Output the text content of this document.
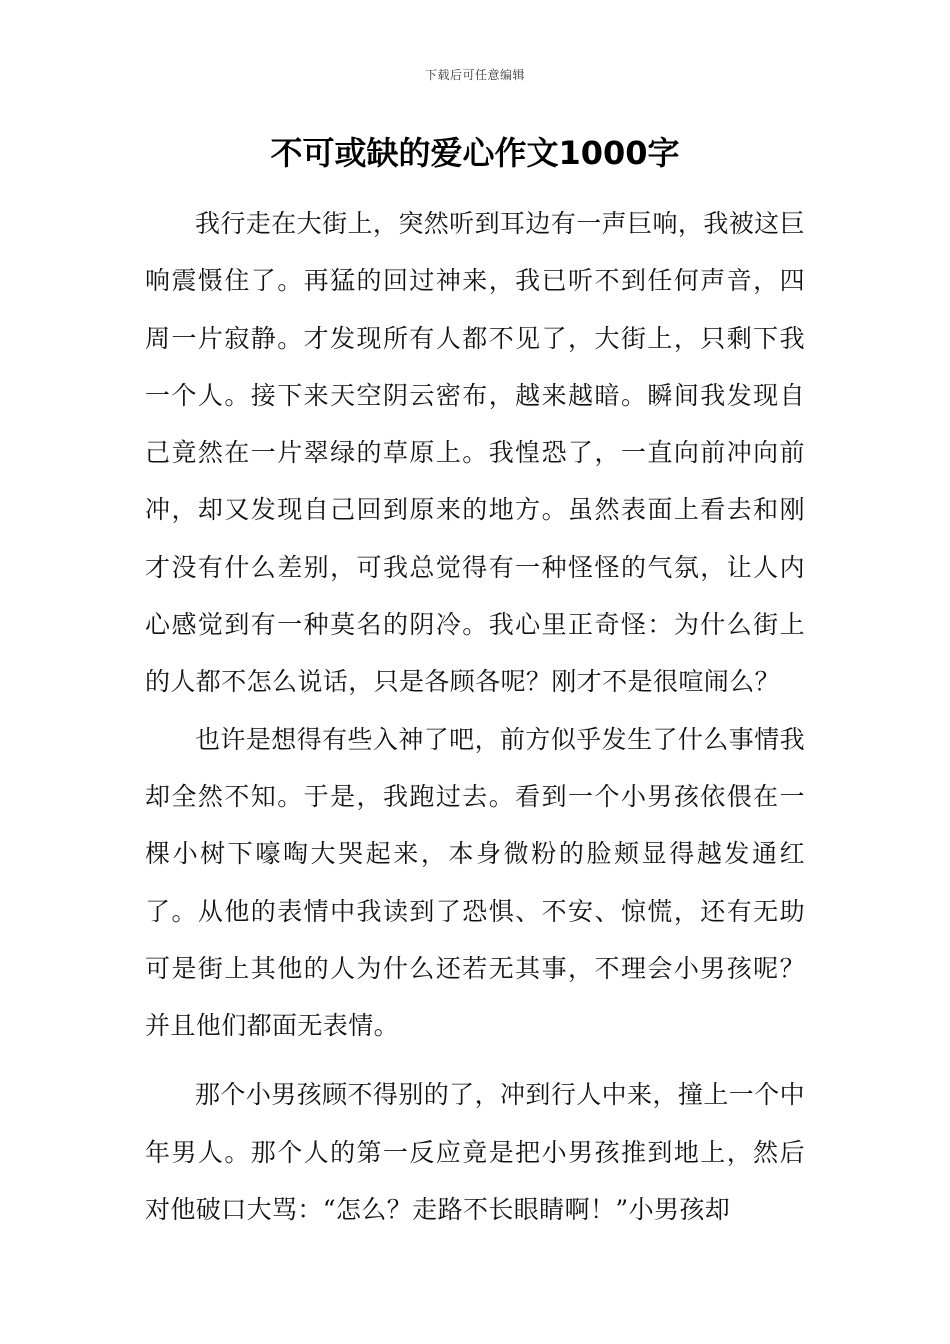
下载后可任意编辑
不可或缺的爱心作文1000字

我行走在大街上，突然听到耳边有一声巨响，我被这巨响震慑住了。再猛的回过神来，我已听不到任何声音，四周一片寂静。才发现所有人都不见了，大街上，只剩下我一个人。接下来天空阴云密布，越来越暗。瞬间我发现自己竟然在一片翠绿的草原上。我惶恐了，一直向前冲向前冲，却又发现自己回到原来的地方。虽然表面上看去和刚才没有什么差别，可我总觉得有一种怪怪的气氛，让人内心感觉到有一种莫名的阴冷。我心里正奇怪：为什么街上的人都不怎么说话，只是各顾各呢？刚才不是很喧闹么？

也许是想得有些入神了吧，前方似乎发生了什么事情我却全然不知。于是，我跑过去。看到一个小男孩依偎在一棵小树下嚎啕大哭起来，本身微粉的脸颊显得越发通红了。从他的表情中我读到了恐惧、不安、惊慌，还有无助可是街上其他的人为什么还若无其事，不理会小男孩呢？并且他们都面无表情。

那个小男孩顾不得别的了，冲到行人中来，撞上一个中年男人。那个人的第一反应竟是把小男孩推到地上，然后对他破口大骂：“怎么？走路不长眼睛啊！”小男孩却
